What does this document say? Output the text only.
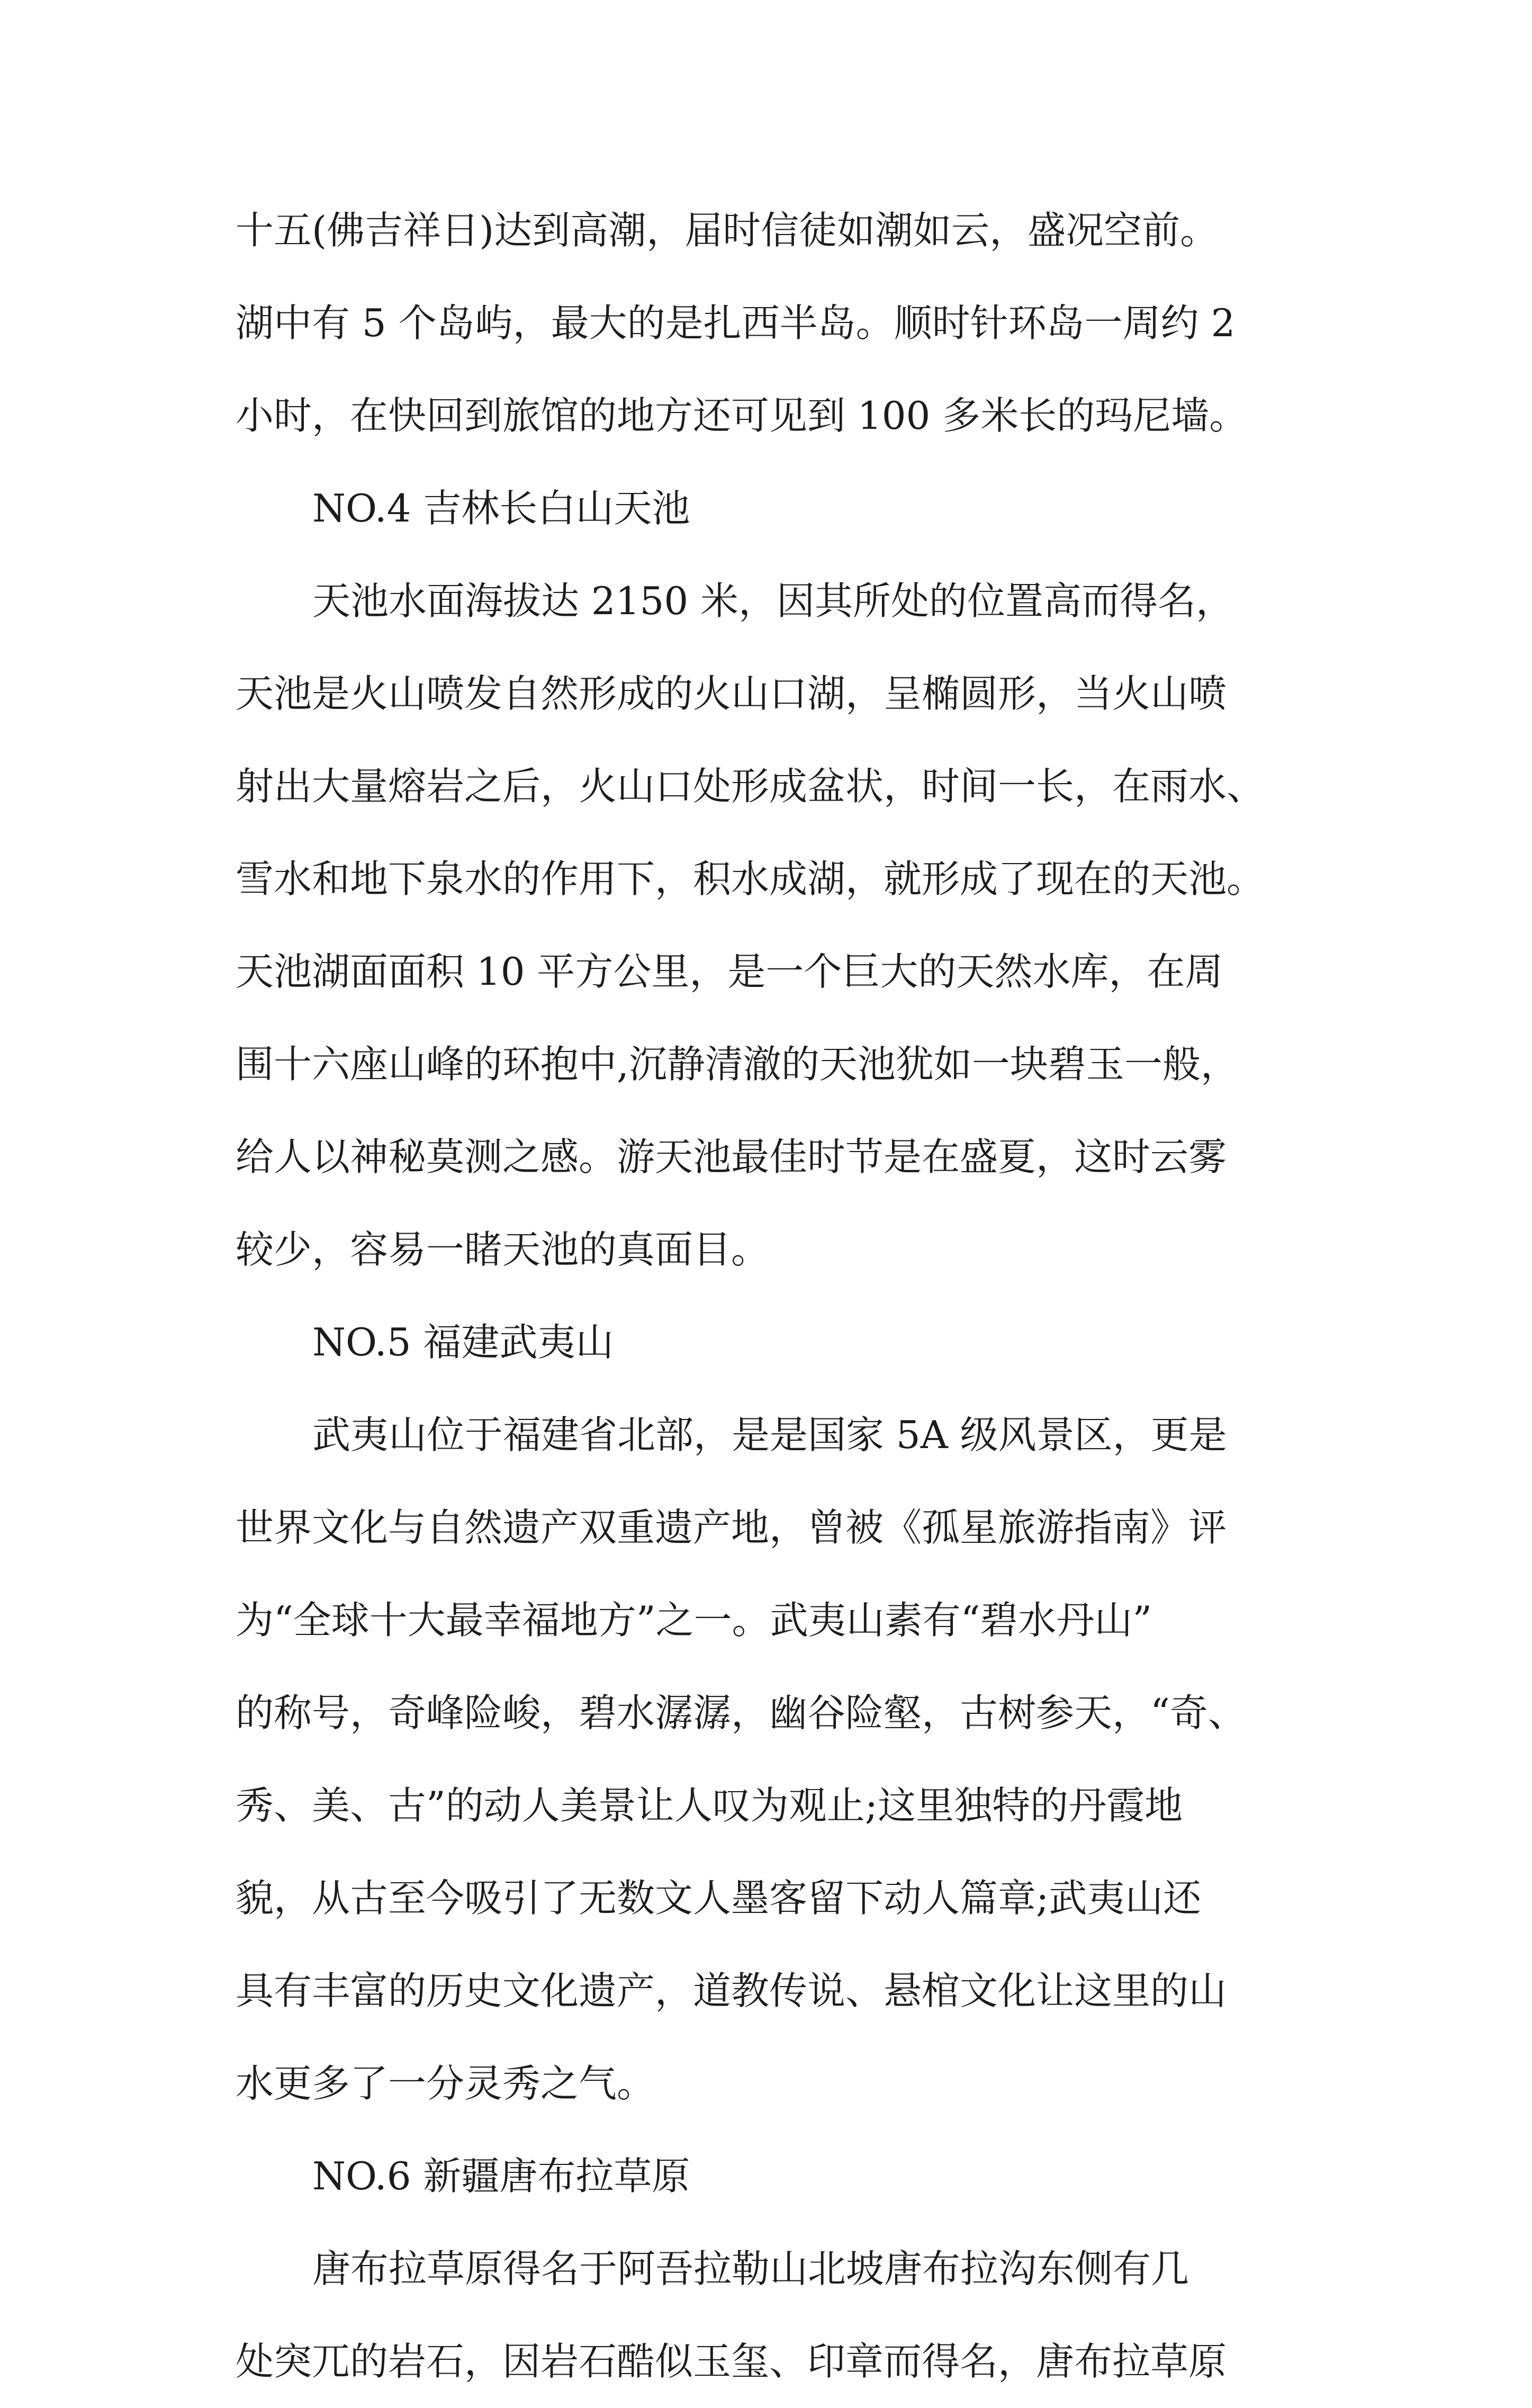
十五(佛吉祥日)达到高潮，届时信徒如潮如云，盛况空前。
湖中有 5 个岛屿，最大的是扎西半岛。顺时针环岛一周约 2
小时，在快回到旅馆的地方还可见到 100 多米长的玛尼墙。
NO.4 吉林长白山天池
天池水面海拔达 2150 米，因其所处的位置高而得名，
天池是火山喷发自然形成的火山口湖，呈椭圆形，当火山喷
射出大量熔岩之后，火山口处形成盆状，时间一长，在雨水、
雪水和地下泉水的作用下，积水成湖，就形成了现在的天池。
天池湖面面积 10 平方公里，是一个巨大的天然水库，在周
围十六座山峰的环抱中,沉静清澈的天池犹如一块碧玉一般，
给人以神秘莫测之感。游天池最佳时节是在盛夏，这时云雾
较少，容易一睹天池的真面目。
NO.5 福建武夷山
武夷山位于福建省北部，是是国家 5A 级风景区，更是
世界文化与自然遗产双重遗产地，曾被《孤星旅游指南》评
为“全球十大最幸福地方”之一。武夷山素有“碧水丹山”
的称号，奇峰险峻，碧水潺潺，幽谷险壑，古树参天，“奇、
秀、美、古”的动人美景让人叹为观止;这里独特的丹霞地
貌，从古至今吸引了无数文人墨客留下动人篇章;武夷山还
具有丰富的历史文化遗产，道教传说、悬棺文化让这里的山
水更多了一分灵秀之气。
NO.6 新疆唐布拉草原
唐布拉草原得名于阿吾拉勒山北坡唐布拉沟东侧有几
处突兀的岩石，因岩石酷似玉玺、印章而得名，唐布拉草原
